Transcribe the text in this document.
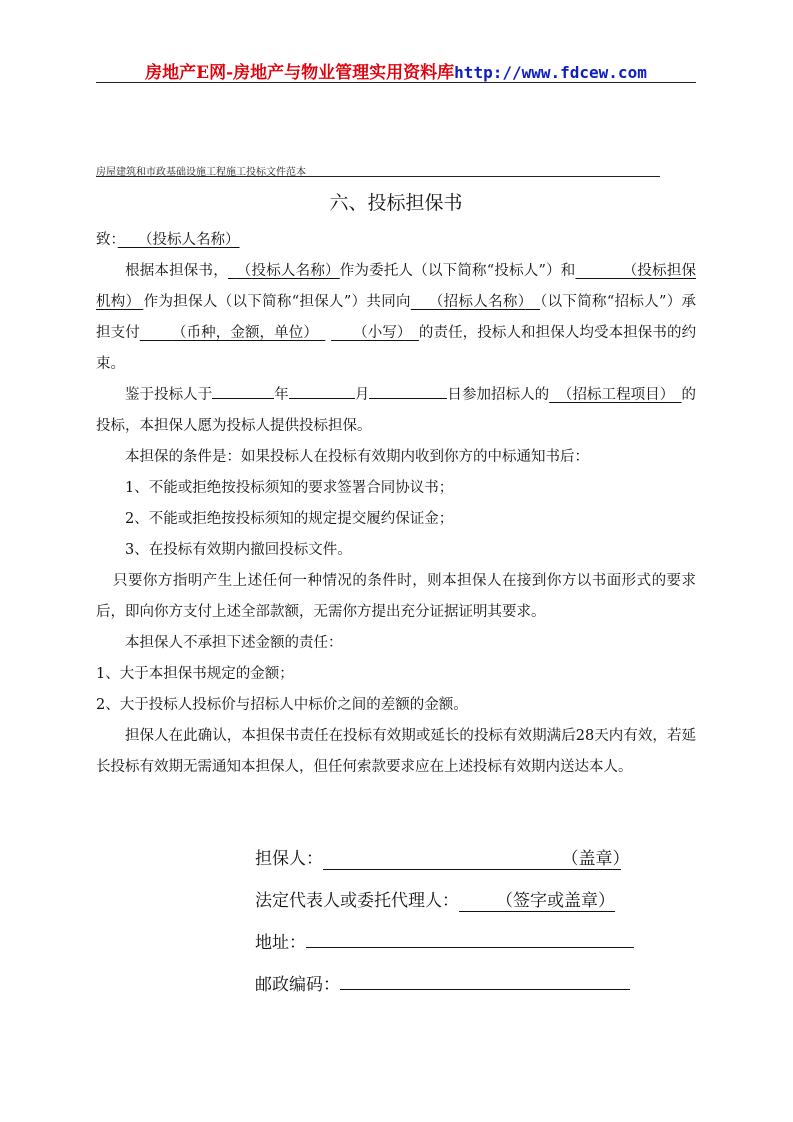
房地产E网-房地产与物业管理实用资料库http://www.fdcew.com
房屋建筑和市政基础设施工程施工投标文件范本
六、投标担保书

致：　   （投标人名称）

根据本担保书，    （投标人名称）作为委托人（以下简称“投标人”）和　　　 	（投标担保机构）  作为担保人（以下简称“担保人”）共同向　  （招标人名称）　 （以下简称“招标人”）承担支付　　  （币种，金额，单位）　  　　	（小写）　 的责任，投标人和担保人均受本担保书的约束。

鉴于投标人于	年	月	日参加招标人的    （招标工程项目）　 的投标，本担保人愿为投标人提供投标担保。

本担保的条件是：如果投标人在投标有效期内收到你方的中标通知书后：

1、不能或拒绝按投标须知的要求签署合同协议书；

2、不能或拒绝按投标须知的规定提交履约保证金；

3、在投标有效期内撤回投标文件。

只要你方指明产生上述任何一种情况的条件时，则本担保人在接到你方以书面形式的要求后，即向你方支付上述全部款额，无需你方提出充分证据证明其要求。

本担保人不承担下述金额的责任：

1、大于本担保书规定的金额；

2、大于投标人投标价与招标人中标价之间的差额的金额。

担保人在此确认，本担保书责任在投标有效期或延长的投标有效期满后28天内有效，若延长投标有效期无需通知本担保人，但任何索款要求应在上述投标有效期内送达本人。

担保人：	（盖章）　　　
法定代表人或委托代理人： （签字或盖章）
地址：
邮政编码：
